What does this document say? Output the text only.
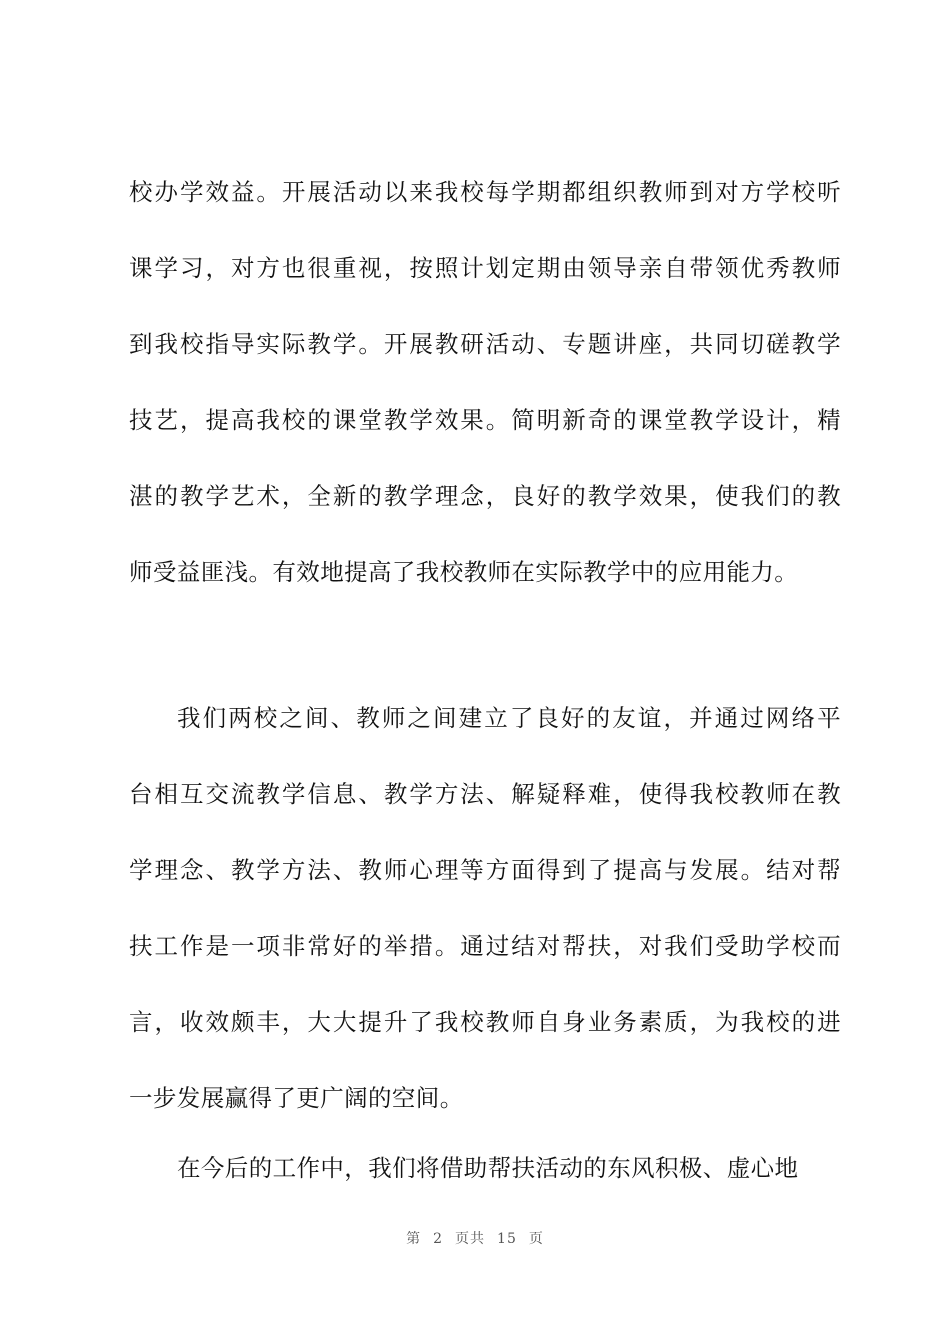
校办学效益。开展活动以来我校每学期都组织教师到对方学校听
课学习，对方也很重视，按照计划定期由领导亲自带领优秀教师
到我校指导实际教学。开展教研活动、专题讲座，共同切磋教学
技艺，提高我校的课堂教学效果。简明新奇的课堂教学设计，精
湛的教学艺术，全新的教学理念，良好的教学效果，使我们的教
师受益匪浅。有效地提高了我校教师在实际教学中的应用能力。
我们两校之间、教师之间建立了良好的友谊，并通过网络平
台相互交流教学信息、教学方法、解疑释难，使得我校教师在教
学理念、教学方法、教师心理等方面得到了提高与发展。结对帮
扶工作是一项非常好的举措。通过结对帮扶，对我们受助学校而
言，收效颇丰，大大提升了我校教师自身业务素质，为我校的进
一步发展赢得了更广阔的空间。
在今后的工作中，我们将借助帮扶活动的东风积极、虚心地
第 2 页共 15 页
